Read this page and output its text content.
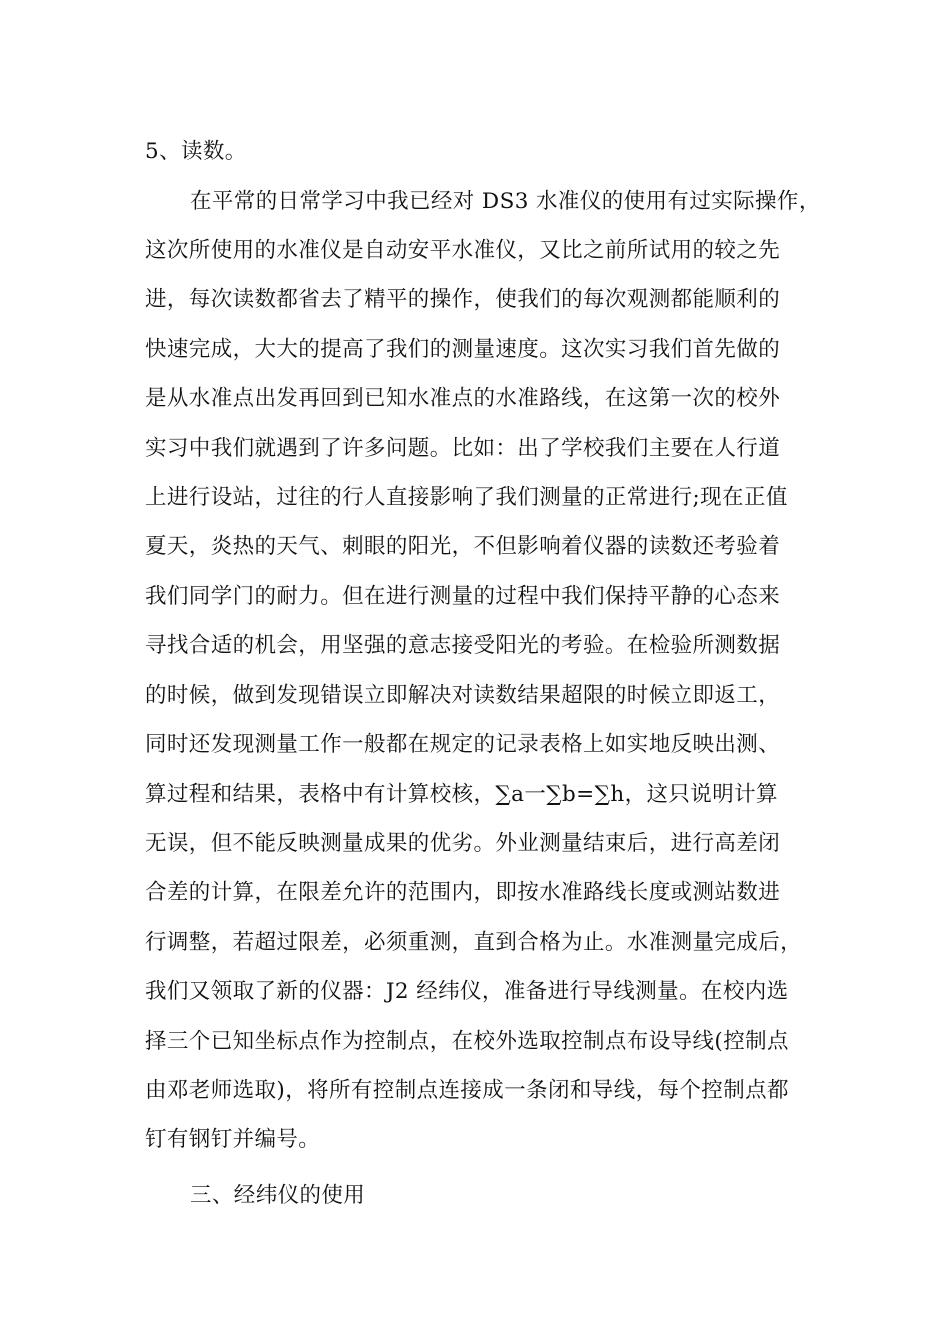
5、读数。
在平常的日常学习中我已经对 DS3 水准仪的使用有过实际操作，
这次所使用的水准仪是自动安平水准仪，又比之前所试用的较之先
进，每次读数都省去了精平的操作，使我们的每次观测都能顺利的
快速完成，大大的提高了我们的测量速度。这次实习我们首先做的
是从水准点出发再回到已知水准点的水准路线，在这第一次的校外
实习中我们就遇到了许多问题。比如：出了学校我们主要在人行道
上进行设站，过往的行人直接影响了我们测量的正常进行;现在正值
夏天，炎热的天气、刺眼的阳光，不但影响着仪器的读数还考验着
我们同学门的耐力。但在进行测量的过程中我们保持平静的心态来
寻找合适的机会，用坚强的意志接受阳光的考验。在检验所测数据
的时候，做到发现错误立即解决对读数结果超限的时候立即返工，
同时还发现测量工作一般都在规定的记录表格上如实地反映出测、
算过程和结果，表格中有计算校核，∑a一∑b=∑h，这只说明计算
无误，但不能反映测量成果的优劣。外业测量结束后，进行高差闭
合差的计算，在限差允许的范围内，即按水准路线长度或测站数进
行调整，若超过限差，必须重测，直到合格为止。水准测量完成后，
我们又领取了新的仪器：J2 经纬仪，准备进行导线测量。在校内选
择三个已知坐标点作为控制点，在校外选取控制点布设导线(控制点
由邓老师选取)，将所有控制点连接成一条闭和导线，每个控制点都
钉有钢钉并编号。
三、经纬仪的使用
